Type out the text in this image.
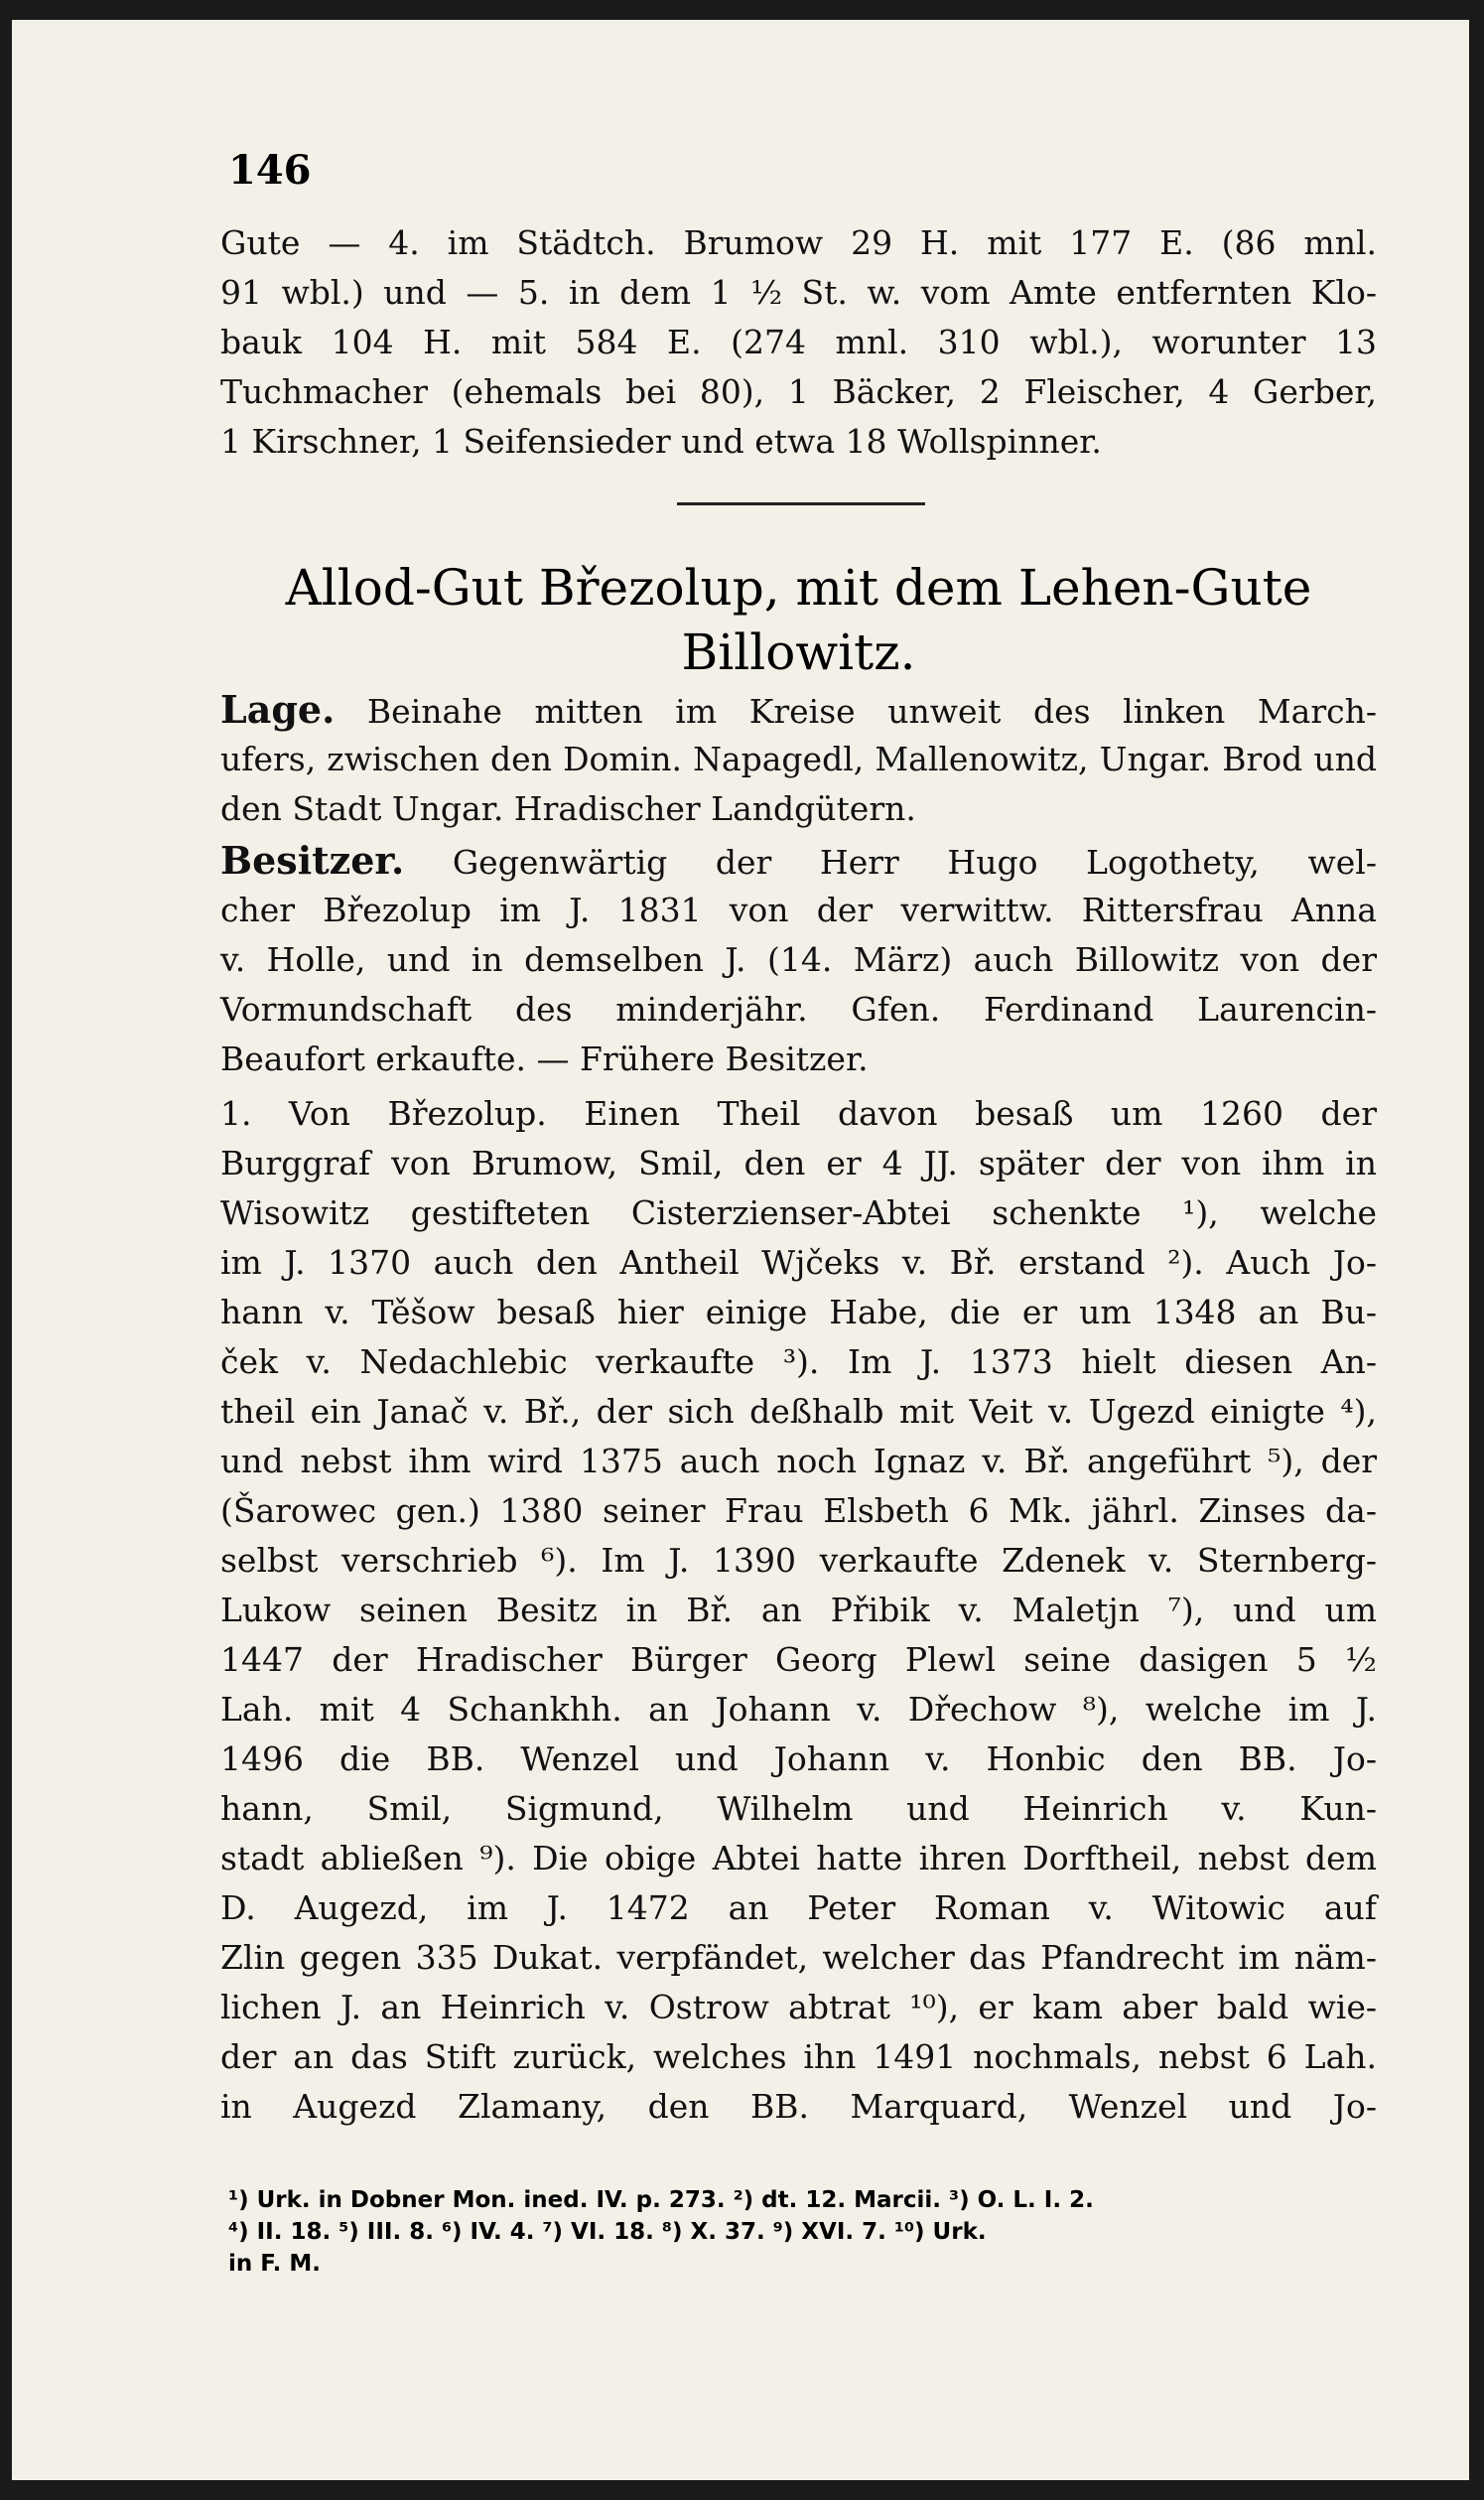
146
Gute — 4. im Städtch. Brumow 29 H. mit 177 E. (86 mnl.
91 wbl.) und — 5. in dem 1 ½ St. w. vom Amte entfernten Klo-
bauk 104 H. mit 584 E. (274 mnl. 310 wbl.), worunter 13
Tuchmacher (ehemals bei 80), 1 Bäcker, 2 Fleischer, 4 Gerber,
1 Kirschner, 1 Seifensieder und etwa 18 Wollspinner.
Allod-Gut Březolup, mit dem Lehen-Gute
Billowitz.
Lage. Beinahe mitten im Kreise unweit des linken March-
ufers, zwischen den Domin. Napagedl, Mallenowitz, Ungar. Brod und
den Stadt Ungar. Hradischer Landgütern.
Besitzer. Gegenwärtig der Herr Hugo Logothety, wel-
cher Březolup im J. 1831 von der verwittw. Rittersfrau Anna
v. Holle, und in demselben J. (14. März) auch Billowitz von der
Vormundschaft des minderjähr. Gfen. Ferdinand Laurencin-
Beaufort erkaufte. — Frühere Besitzer.
1. Von Březolup. Einen Theil davon besaß um 1260 der
Burggraf von Brumow, Smil, den er 4 JJ. später der von ihm in
Wisowitz gestifteten Cisterzienser-Abtei schenkte ¹), welche
im J. 1370 auch den Antheil Wjčeks v. Bř. erstand ²). Auch Jo-
hann v. Těšow besaß hier einige Habe, die er um 1348 an Bu-
ček v. Nedachlebic verkaufte ³). Im J. 1373 hielt diesen An-
theil ein Janač v. Bř., der sich deßhalb mit Veit v. Ugezd einigte ⁴),
und nebst ihm wird 1375 auch noch Ignaz v. Bř. angeführt ⁵), der
(Šarowec gen.) 1380 seiner Frau Elsbeth 6 Mk. jährl. Zinses da-
selbst verschrieb ⁶). Im J. 1390 verkaufte Zdenek v. Sternberg-
Lukow seinen Besitz in Bř. an Přibik v. Maletjn ⁷), und um
1447 der Hradischer Bürger Georg Plewl seine dasigen 5 ½
Lah. mit 4 Schankhh. an Johann v. Dřechow ⁸), welche im J.
1496 die BB. Wenzel und Johann v. Honbic den BB. Jo-
hann, Smil, Sigmund, Wilhelm und Heinrich v. Kun-
stadt abließen ⁹). Die obige Abtei hatte ihren Dorftheil, nebst dem
D. Augezd, im J. 1472 an Peter Roman v. Witowic auf
Zlin gegen 335 Dukat. verpfändet, welcher das Pfandrecht im näm-
lichen J. an Heinrich v. Ostrow abtrat ¹⁰), er kam aber bald wie-
der an das Stift zurück, welches ihn 1491 nochmals, nebst 6 Lah.
in Augezd Zlamany, den BB. Marquard, Wenzel und Jo-
¹) Urk. in Dobner Mon. ined. IV. p. 273. ²) dt. 12. Marcii. ³) O. L. I. 2.
⁴) II. 18. ⁵) III. 8. ⁶) IV. 4. ⁷) VI. 18. ⁸) X. 37. ⁹) XVI. 7. ¹⁰) Urk.
in F. M.
